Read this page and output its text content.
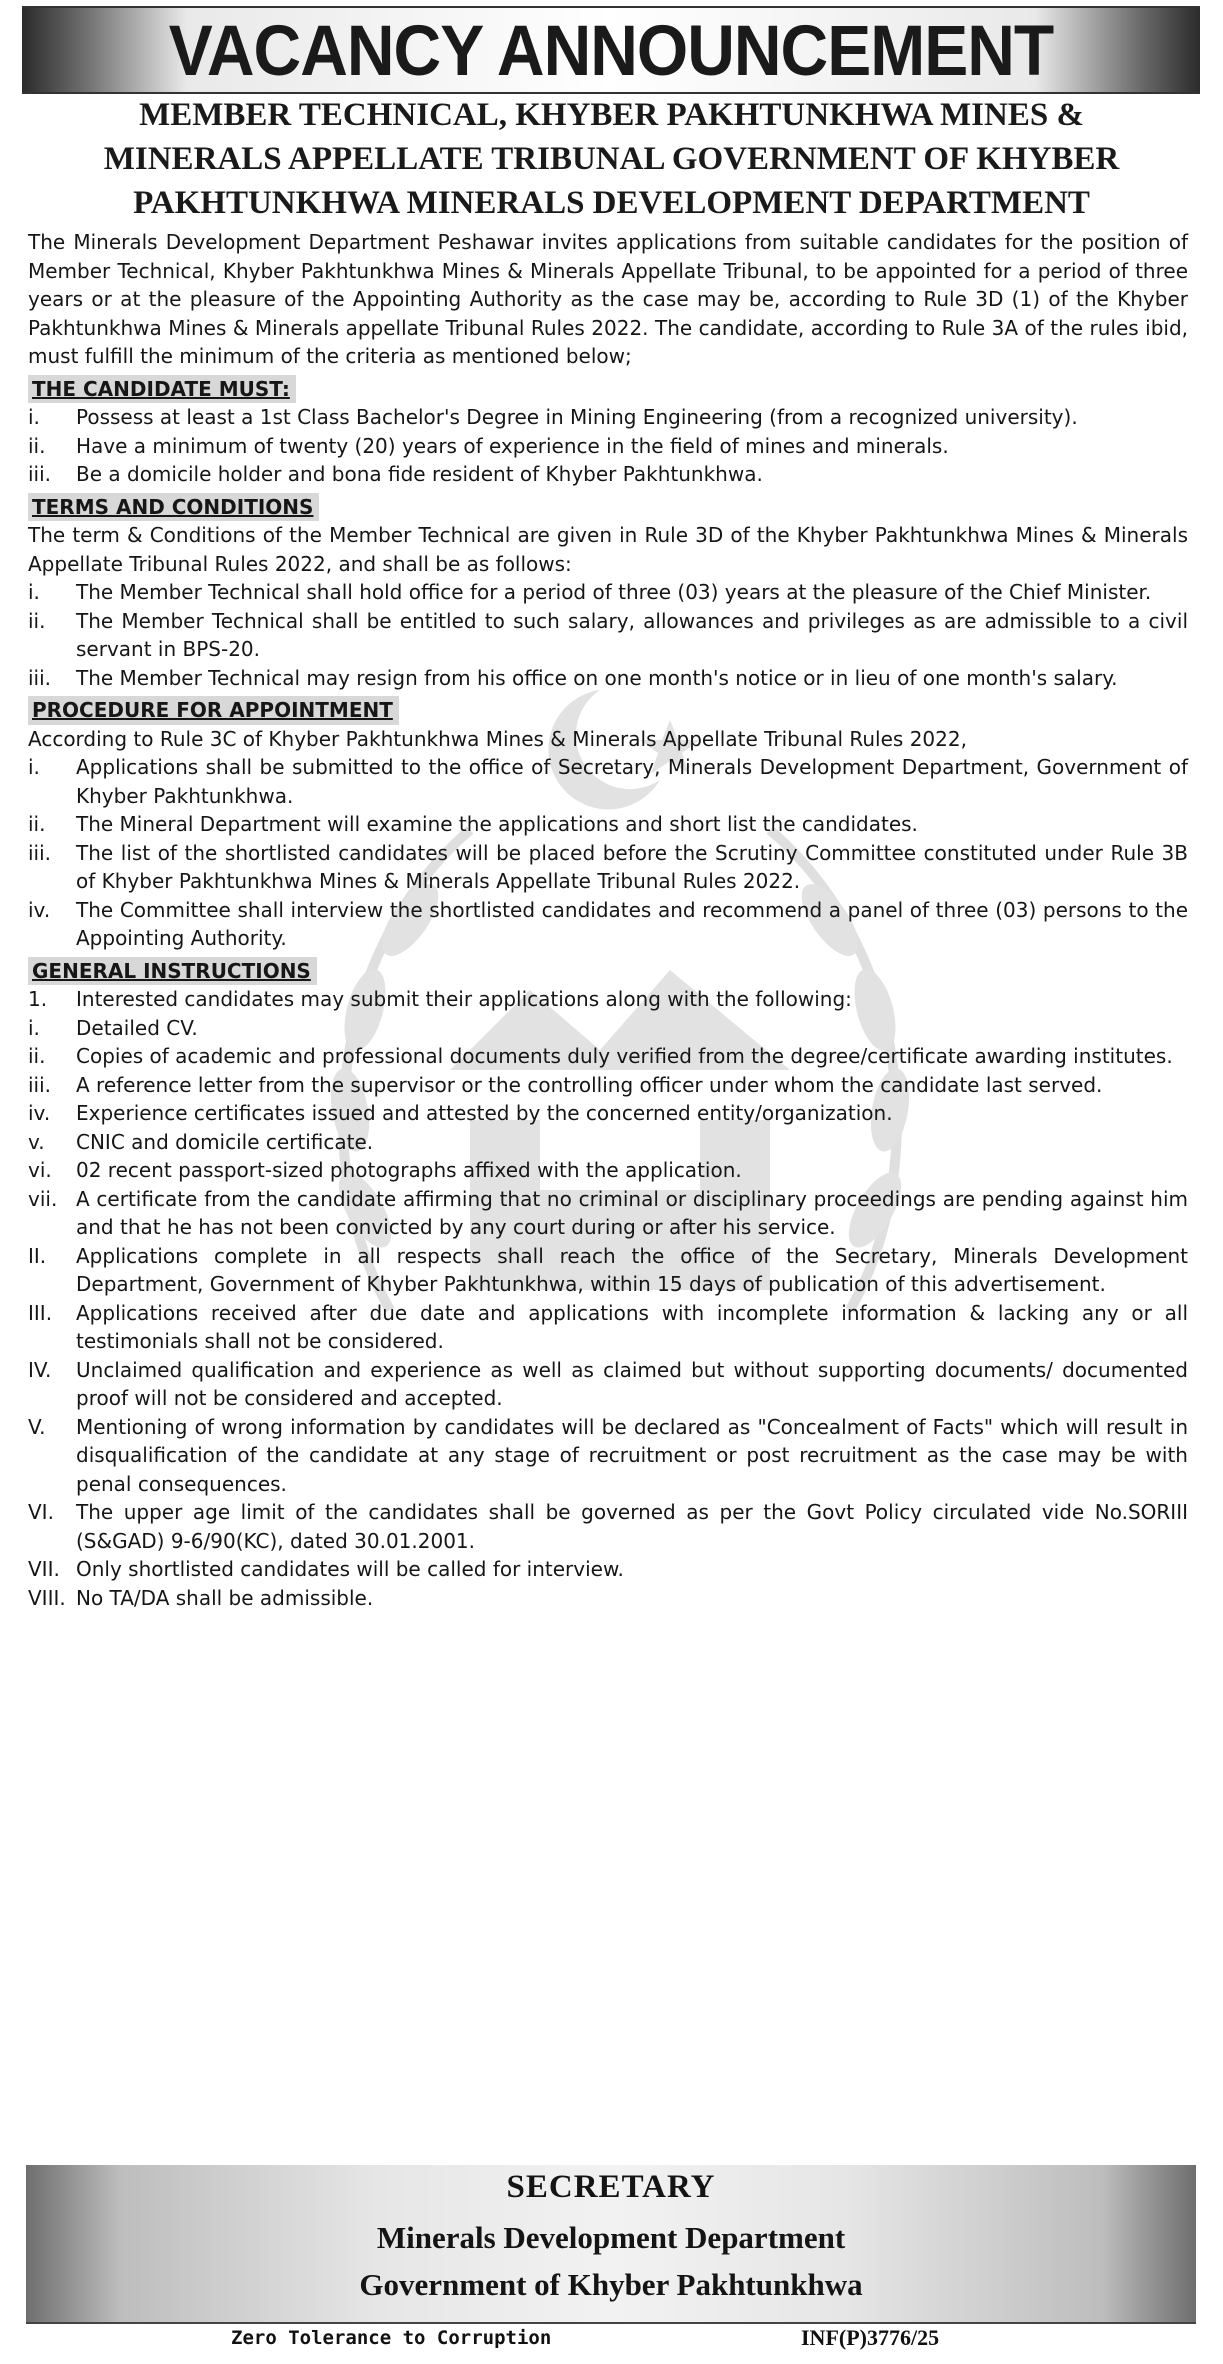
VACANCY ANNOUNCEMENT
MEMBER TECHNICAL, KHYBER PAKHTUNKHWA MINES &
MINERALS APPELLATE TRIBUNAL GOVERNMENT OF KHYBER
PAKHTUNKHWA MINERALS DEVELOPMENT DEPARTMENT
The Minerals Development Department Peshawar invites applications from suitable candidates for the position of Member Technical, Khyber Pakhtunkhwa Mines & Minerals Appellate Tribunal, to be appointed for a period of three years or at the pleasure of the Appointing Authority as the case may be, according to Rule 3D (1) of the Khyber Pakhtunkhwa Mines & Minerals appellate Tribunal Rules 2022. The candidate, according to Rule 3A of the rules ibid, must fulfill the minimum of the criteria as mentioned below;
THE CANDIDATE MUST:
i.	Possess at least a 1st Class Bachelor's Degree in Mining Engineering (from a recognized university).
ii.	Have a minimum of twenty (20) years of experience in the field of mines and minerals.
iii.	Be a domicile holder and bona fide resident of Khyber Pakhtunkhwa.
TERMS AND CONDITIONS
The term & Conditions of the Member Technical are given in Rule 3D of the Khyber Pakhtunkhwa Mines & Minerals Appellate Tribunal Rules 2022, and shall be as follows:
i.	The Member Technical shall hold office for a period of three (03) years at the pleasure of the Chief Minister.
ii.	The Member Technical shall be entitled to such salary, allowances and privileges as are admissible to a civil servant in BPS-20.
iii.	The Member Technical may resign from his office on one month's notice or in lieu of one month's salary.
PROCEDURE FOR APPOINTMENT
According to Rule 3C of Khyber Pakhtunkhwa Mines & Minerals Appellate Tribunal Rules 2022,
i.	Applications shall be submitted to the office of Secretary, Minerals Development Department, Government of Khyber Pakhtunkhwa.
ii.	The Mineral Department will examine the applications and short list the candidates.
iii.	The list of the shortlisted candidates will be placed before the Scrutiny Committee constituted under Rule 3B of Khyber Pakhtunkhwa Mines & Minerals Appellate Tribunal Rules 2022.
iv.	The Committee shall interview the shortlisted candidates and recommend a panel of three (03) persons to the Appointing Authority.
GENERAL INSTRUCTIONS
1.	Interested candidates may submit their applications along with the following:
i.	Detailed CV.
ii.	Copies of academic and professional documents duly verified from the degree/certificate awarding institutes.
iii.	A reference letter from the supervisor or the controlling officer under whom the candidate last served.
iv.	Experience certificates issued and attested by the concerned entity/organization.
v.	CNIC and domicile certificate.
vi.	02 recent passport-sized photographs affixed with the application.
vii. A certificate from the candidate affirming that no criminal or disciplinary proceedings are pending against him and that he has not been convicted by any court during or after his service.
II.	Applications complete in all respects shall reach the office of the Secretary, Minerals Development Department, Government of Khyber Pakhtunkhwa, within 15 days of publication of this advertisement.
III.	Applications received after due date and applications with incomplete information & lacking any or all testimonials shall not be considered.
IV.	Unclaimed qualification and experience as well as claimed but without supporting documents/ documented proof will not be considered and accepted.
V.	Mentioning of wrong information by candidates will be declared as "Concealment of Facts" which will result in disqualification of the candidate at any stage of recruitment or post recruitment as the case may be with penal consequences.
VI.	The upper age limit of the candidates shall be governed as per the Govt Policy circulated vide No.SORIII (S&GAD) 9-6/90(KC), dated 30.01.2001.
VII. Only shortlisted candidates will be called for interview.
VIII. No TA/DA shall be admissible.
SECRETARY
Minerals Development Department
Government of Khyber Pakhtunkhwa
Zero Tolerance to Corruption	INF(P)3776/25
